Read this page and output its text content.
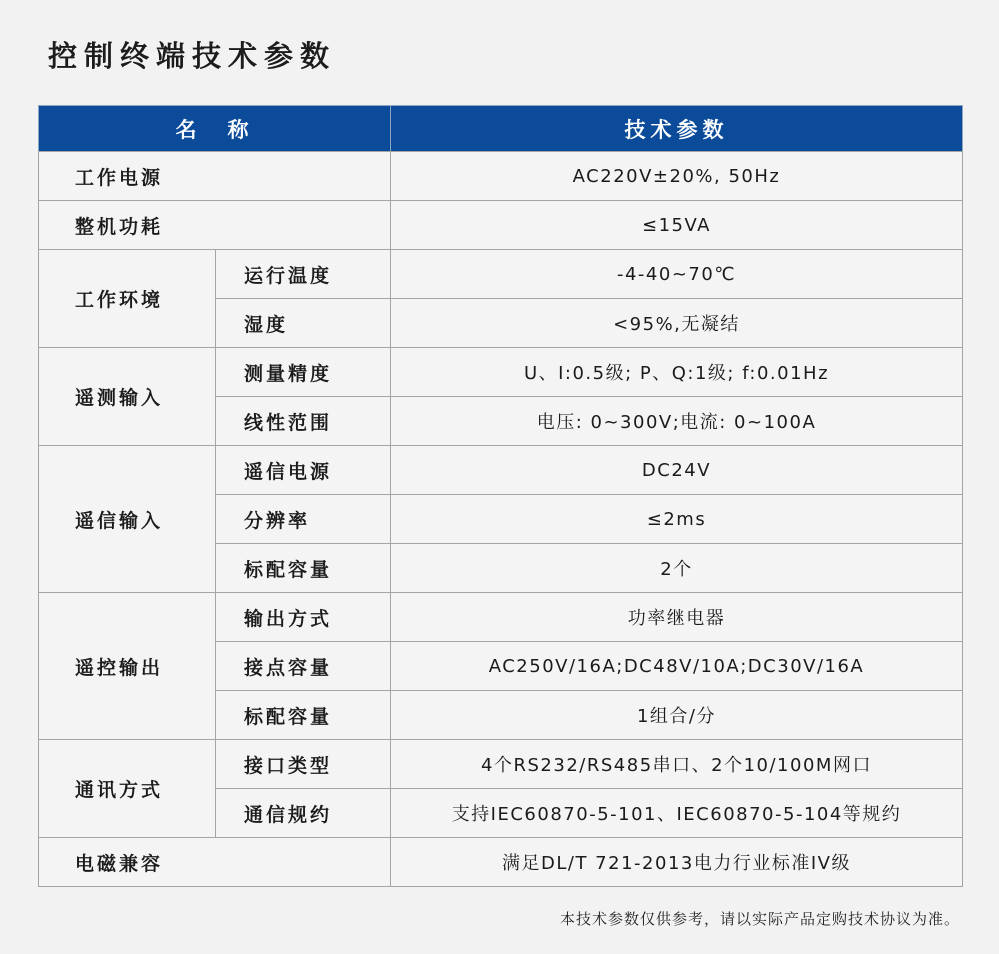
控制终端技术参数
名　称		技术参数
工作电源		AC220V±20%, 50Hz
整机功耗		≤15VA
工作环境	运行温度	-4-40~70℃
	湿度	<95%,无凝结
遥测输入	测量精度	U、I:0.5级; P、Q:1级; f:0.01Hz
	线性范围	电压: 0~300V;电流: 0~100A
遥信输入	遥信电源	DC24V
	分辨率	≤2ms
	标配容量	2个
遥控输出	输出方式	功率继电器
	接点容量	AC250V/16A;DC48V/10A;DC30V/16A
	标配容量	1组合/分
通讯方式	接口类型	4个RS232/RS485串口、2个10/100M网口
	通信规约	支持IEC60870-5-101、IEC60870-5-104等规约
电磁兼容		满足DL/T 721-2013电力行业标准IV级

本技术参数仅供参考，请以实际产品定购技术协议为准。
